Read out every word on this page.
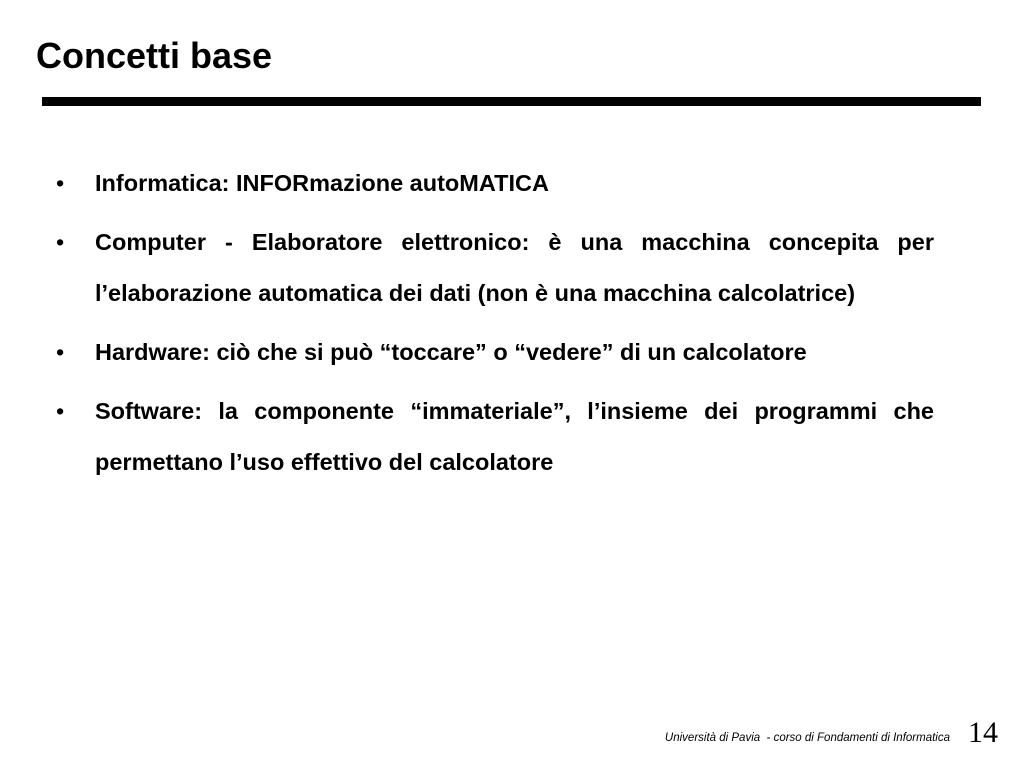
Concetti base
• Informatica: INFORmazione autoMATICA
• Computer - Elaboratore elettronico: è una macchina concepita per l’elaborazione automatica dei dati (non è una macchina calcolatrice)
• Hardware: ciò che si può “toccare” o “vedere” di un calcolatore
• Software: la componente “immateriale”, l’insieme dei programmi che permettano l’uso effettivo del calcolatore
Università di Pavia  - corso di Fondamenti di Informatica 14
